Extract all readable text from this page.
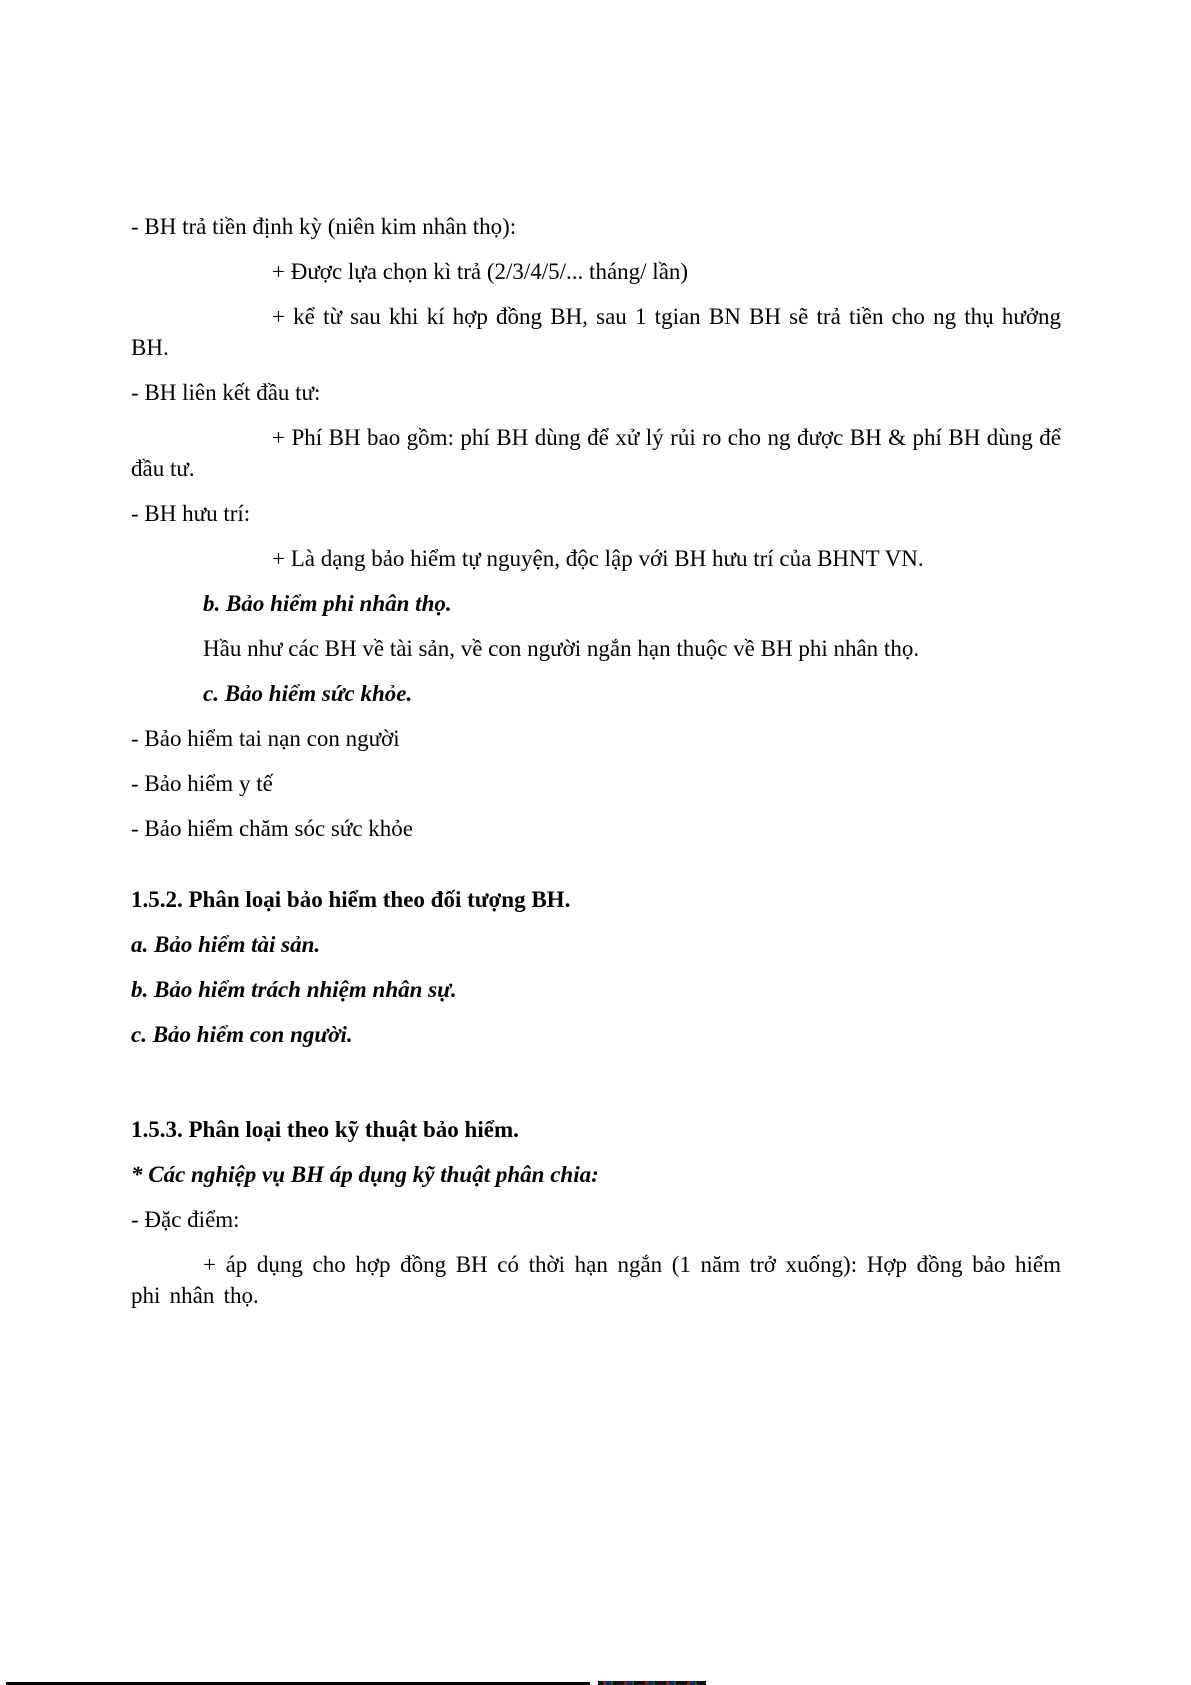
- BH trả tiền định kỳ (niên kim nhân thọ):

+ Được lựa chọn kì trả (2/3/4/5/... tháng/ lần)

+ kể từ sau khi kí hợp đồng BH, sau 1 tgian BN BH sẽ trả tiền cho ng thụ hưởng BH.

- BH liên kết đầu tư:

+ Phí BH bao gồm: phí BH dùng để xử lý rủi ro cho ng được BH & phí BH dùng để đầu tư.

- BH hưu trí:

+ Là dạng bảo hiểm tự nguyện, độc lập với BH hưu trí của BHNT VN.

b. Bảo hiểm phi nhân thọ.

Hầu như các BH về tài sản, về con người ngắn hạn thuộc về BH phi nhân thọ.

c. Bảo hiểm sức khỏe.

- Bảo hiểm tai nạn con người

- Bảo hiểm y tế

- Bảo hiểm chăm sóc sức khỏe

1.5.2. Phân loại bảo hiểm theo đối tượng BH.

a. Bảo hiểm tài sản.

b. Bảo hiểm trách nhiệm nhân sự.

c. Bảo hiểm con người.

1.5.3. Phân loại theo kỹ thuật bảo hiểm.

* Các nghiệp vụ BH áp dụng kỹ thuật phân chia:

- Đặc điểm:

+ áp dụng cho hợp đồng BH có thời hạn ngắn (1 năm trở xuống): Hợp đồng bảo hiểm phi nhân thọ.
